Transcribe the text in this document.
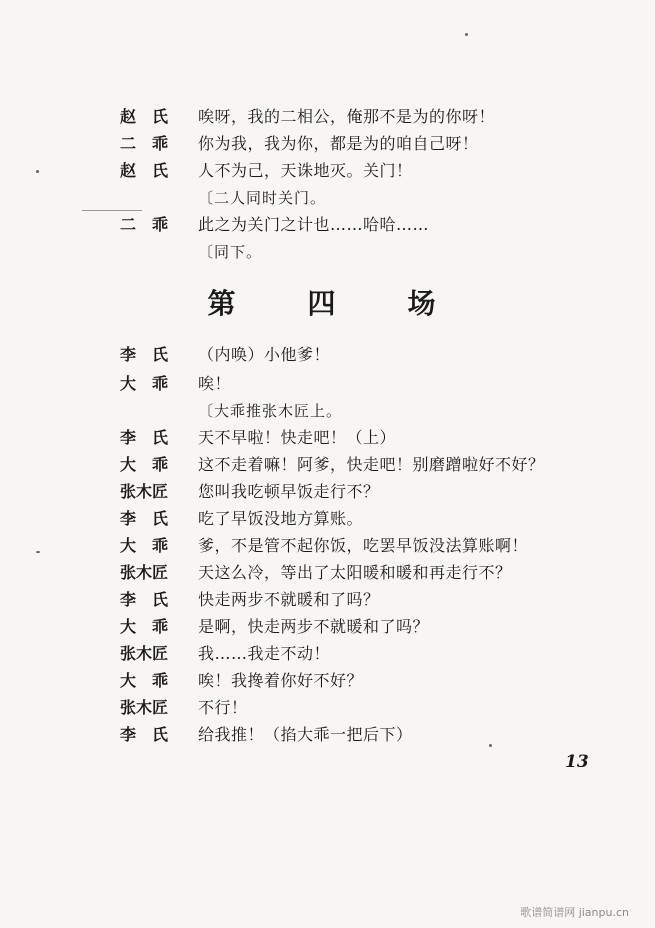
赵　氏	唉呀，我的二相公，俺那不是为的你呀！
二　乖	你为我，我为你，都是为的咱自己呀！
赵　氏	人不为己，天诛地灭。关门！
〔二人同时关门。
二　乖	此之为关门之计也……哈哈……
〔同下。
第　四　场
李　氏	（内唤）小他爹！
大　乖	唉！
〔大乖推张木匠上。
李　氏	天不早啦！快走吧！（上）
大　乖	这不走着嘛！阿爹，快走吧！别磨蹭啦好不好？
张木匠	您叫我吃顿早饭走行不？
李　氏	吃了早饭没地方算账。
大　乖	爹，不是管不起你饭，吃罢早饭没法算账啊！
张木匠	天这么冷，等出了太阳暖和暖和再走行不？
李　氏	快走两步不就暖和了吗？
大　乖	是啊，快走两步不就暖和了吗？
张木匠	我……我走不动！
大　乖	唉！我搀着你好不好？
张木匠	不行！
李　氏	给我推！（掐大乖一把后下）
13
歌谱简谱网 jianpu.cn
